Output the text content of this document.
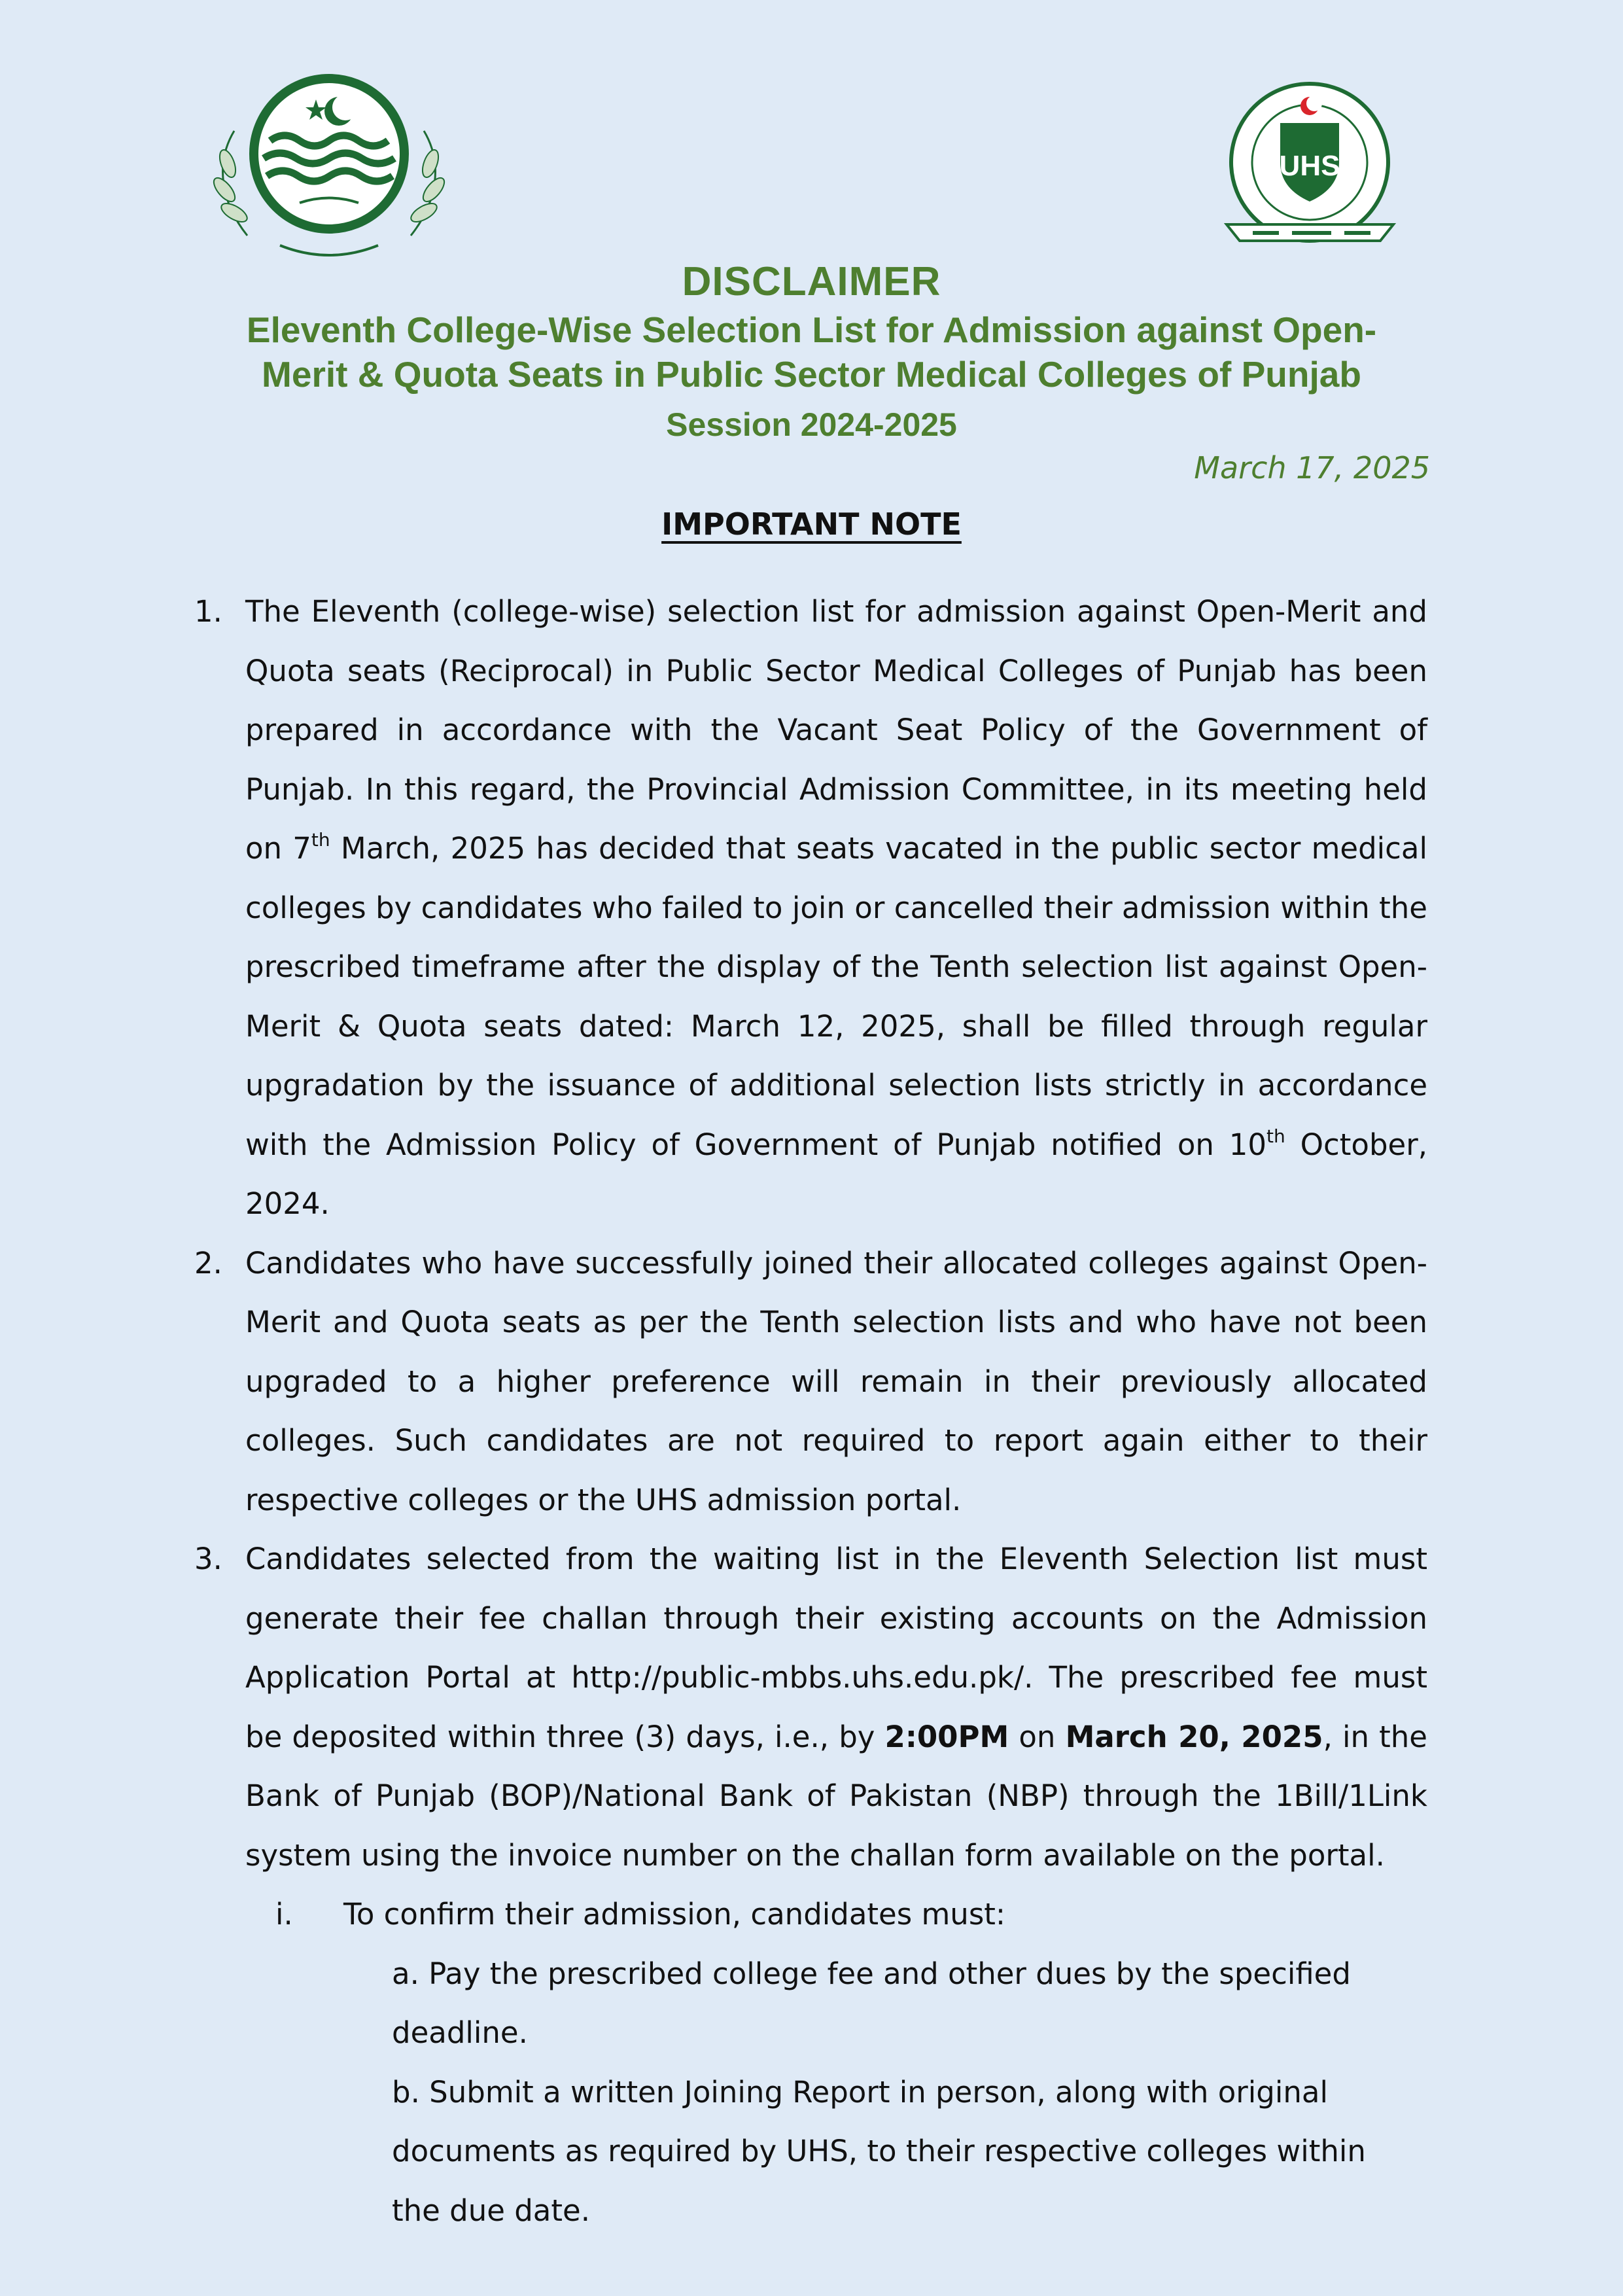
UHS
DISCLAIMER
Eleventh College-Wise Selection List for Admission against Open-Merit & Quota Seats in Public Sector Medical Colleges of Punjab
Session 2024-2025
March 17, 2025
IMPORTANT NOTE
1. The Eleventh (college-wise) selection list for admission against Open-Merit and Quota seats (Reciprocal) in Public Sector Medical Colleges of Punjab has been prepared in accordance with the Vacant Seat Policy of the Government of Punjab. In this regard, the Provincial Admission Committee, in its meeting held on 7th March, 2025 has decided that seats vacated in the public sector medical colleges by candidates who failed to join or cancelled their admission within the prescribed timeframe after the display of the Tenth selection list against Open-Merit & Quota seats dated: March 12, 2025, shall be filled through regular upgradation by the issuance of additional selection lists strictly in accordance with the Admission Policy of Government of Punjab notified on 10th October, 2024.
2. Candidates who have successfully joined their allocated colleges against Open-Merit and Quota seats as per the Tenth selection lists and who have not been upgraded to a higher preference will remain in their previously allocated colleges. Such candidates are not required to report again either to their respective colleges or the UHS admission portal.
3. Candidates selected from the waiting list in the Eleventh Selection list must generate their fee challan through their existing accounts on the Admission Application Portal at http://public-mbbs.uhs.edu.pk/. The prescribed fee must be deposited within three (3) days, i.e., by 2:00PM on March 20, 2025, in the Bank of Punjab (BOP)/National Bank of Pakistan (NBP) through the 1Bill/1Link system using the invoice number on the challan form available on the portal.
i. To confirm their admission, candidates must:
a. Pay the prescribed college fee and other dues by the specified deadline.
b. Submit a written Joining Report in person, along with original documents as required by UHS, to their respective colleges within the due date.
